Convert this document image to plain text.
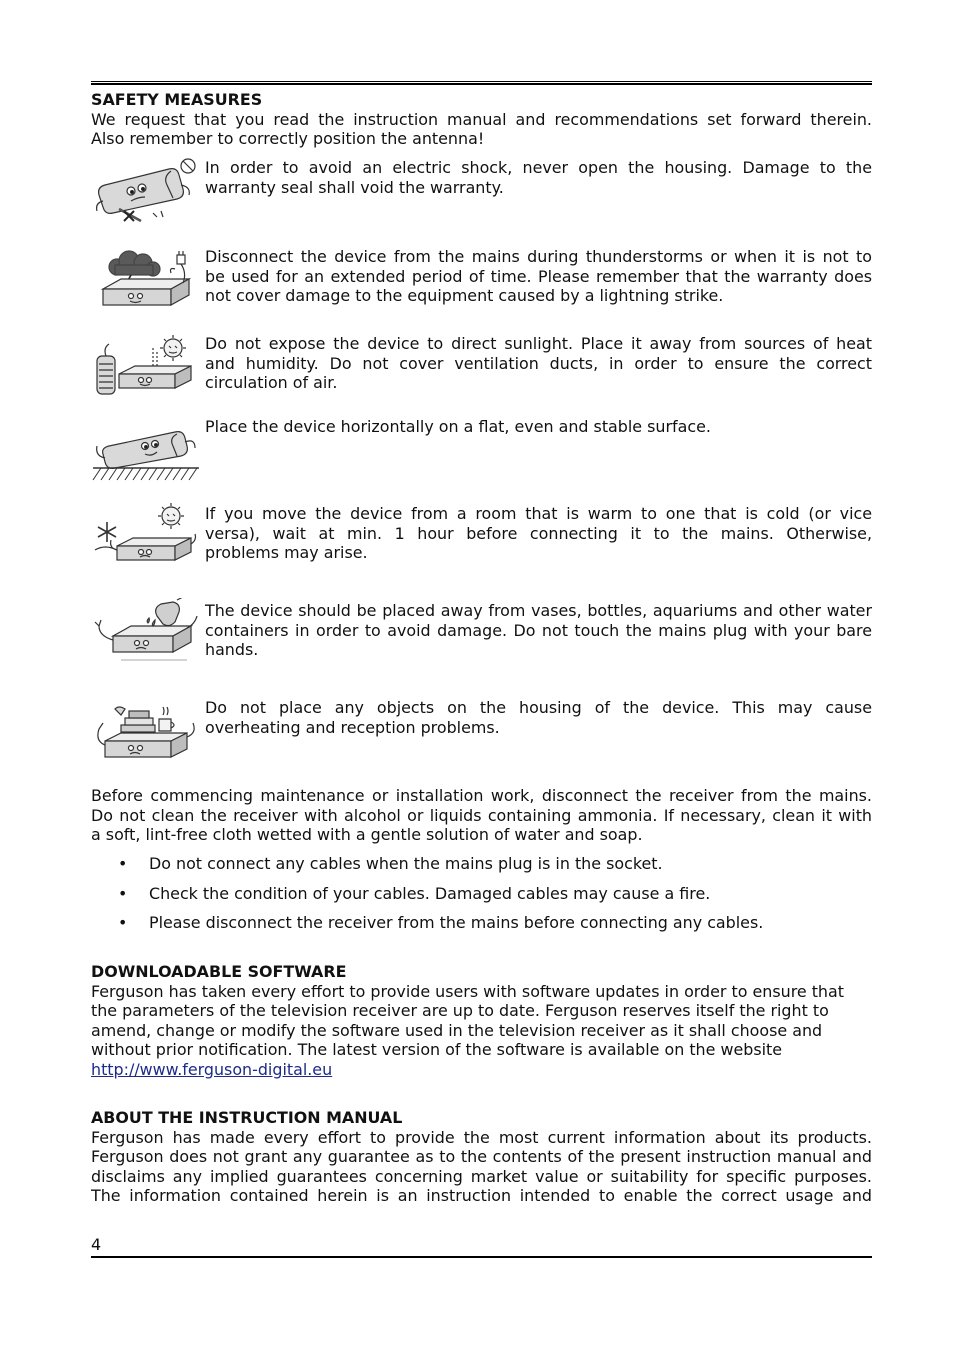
SAFETY MEASURES
We request that you read the instruction manual and recommendations set forward therein.
Also remember to correctly position the antenna!
In order to avoid an electric shock, never open the housing. Damage to the
warranty seal shall void the warranty.
Disconnect the device from the mains during thunderstorms or when it is not to
be used for an extended period of time. Please remember that the warranty does
not cover damage to the equipment caused by a lightning strike.
Do not expose the device to direct sunlight. Place it away from sources of heat
and humidity. Do not cover ventilation ducts, in order to ensure the correct
circulation of air.
Place the device horizontally on a flat, even and stable surface.
If you move the device from a room that is warm to one that is cold (or vice
versa), wait at min. 1 hour before connecting it to the mains. Otherwise,
problems may arise.
The device should be placed away from vases, bottles, aquariums and other water
containers in order to avoid damage. Do not touch the mains plug with your bare
hands.
Do not place any objects on the housing of the device. This may cause
overheating and reception problems.
Before commencing maintenance or installation work, disconnect the receiver from the mains.
Do not clean the receiver with alcohol or liquids containing ammonia. If necessary, clean it with
a soft, lint-free cloth wetted with a gentle solution of water and soap.
• Do not connect any cables when the mains plug is in the socket.
• Check the condition of your cables. Damaged cables may cause a fire.
• Please disconnect the receiver from the mains before connecting any cables.
DOWNLOADABLE SOFTWARE
Ferguson has taken every effort to provide users with software updates in order to ensure that
the parameters of the television receiver are up to date. Ferguson reserves itself the right to
amend, change or modify the software used in the television receiver as it shall choose and
without prior notification. The latest version of the software is available on the website
http://www.ferguson-digital.eu
ABOUT THE INSTRUCTION MANUAL
Ferguson has made every effort to provide the most current information about its products.
Ferguson does not grant any guarantee as to the contents of the present instruction manual and
disclaims any implied guarantees concerning market value or suitability for specific purposes.
The information contained herein is an instruction intended to enable the correct usage and
4
